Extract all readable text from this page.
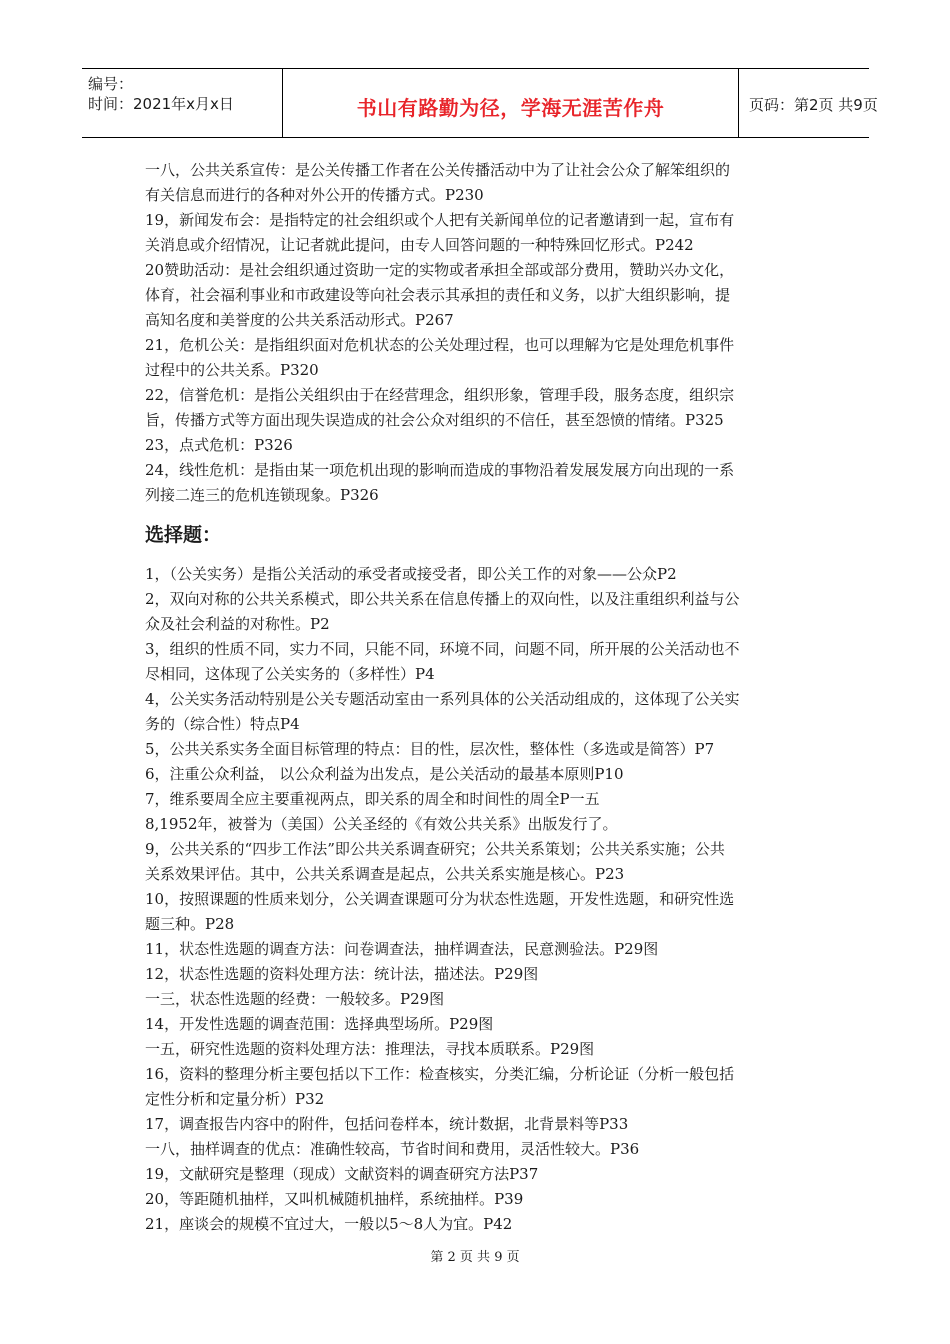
编号：
时间：2021年x月x日	书山有路勤为径，学海无涯苦作舟	页码：第2页 共9页
一八，公共关系宣传：是公关传播工作者在公关传播活动中为了让社会公众了解笨组织的
有关信息而进行的各种对外公开的传播方式。P230
19，新闻发布会：是指特定的社会组织或个人把有关新闻单位的记者邀请到一起，宣布有
关消息或介绍情况，让记者就此提问，由专人回答问题的一种特殊回忆形式。P242
20赞助活动：是社会组织通过资助一定的实物或者承担全部或部分费用，赞助兴办文化，
体育，社会福利事业和市政建设等向社会表示其承担的责任和义务，以扩大组织影响，提
高知名度和美誉度的公共关系活动形式。P267
21，危机公关：是指组织面对危机状态的公关处理过程，也可以理解为它是处理危机事件
过程中的公共关系。P320
22，信誉危机：是指公关组织由于在经营理念，组织形象，管理手段，服务态度，组织宗
旨，传播方式等方面出现失误造成的社会公众对组织的不信任，甚至怨愤的情绪。P325
23，点式危机：P326
24，线性危机：是指由某一项危机出现的影响而造成的事物沿着发展发展方向出现的一系
列接二连三的危机连锁现象。P326
选择题：
1，（公关实务）是指公关活动的承受者或接受者，即公关工作的对象——公众P2
2，双向对称的公共关系模式，即公共关系在信息传播上的双向性，以及注重组织利益与公
众及社会利益的对称性。P2
3，组织的性质不同，实力不同，只能不同，环境不同，问题不同，所开展的公关活动也不
尽相同，这体现了公关实务的（多样性）P4
4，公关实务活动特别是公关专题活动室由一系列具体的公关活动组成的，这体现了公关实
务的（综合性）特点P4
5，公共关系实务全面目标管理的特点：目的性，层次性，整体性（多选或是简答）P7
6，注重公众利益， 以公众利益为出发点，是公关活动的最基本原则P10
7，维系要周全应主要重视两点，即关系的周全和时间性的周全P一五
8,1952年，被誉为（美国）公关圣经的《有效公共关系》出版发行了。
9，公共关系的“四步工作法”即公共关系调查研究；公共关系策划；公共关系实施；公共
关系效果评估。其中，公共关系调查是起点，公共关系实施是核心。P23
10，按照课题的性质来划分，公关调查课题可分为状态性选题，开发性选题，和研究性选
题三种。P28
11，状态性选题的调查方法：问卷调查法，抽样调查法，民意测验法。P29图
12，状态性选题的资料处理方法：统计法，描述法。P29图
一三，状态性选题的经费：一般较多。P29图
14，开发性选题的调查范围：选择典型场所。P29图
一五，研究性选题的资料处理方法：推理法，寻找本质联系。P29图
16，资料的整理分析主要包括以下工作：检查核实，分类汇编，分析论证（分析一般包括
定性分析和定量分析）P32
17，调查报告内容中的附件，包括问卷样本，统计数据，北背景料等P33
一八，抽样调查的优点：准确性较高，节省时间和费用，灵活性较大。P36
19，文献研究是整理（现成）文献资料的调查研究方法P37
20，等距随机抽样，又叫机械随机抽样，系统抽样。P39
21，座谈会的规模不宜过大，一般以5～8人为宜。P42
第 2 页 共 9 页
